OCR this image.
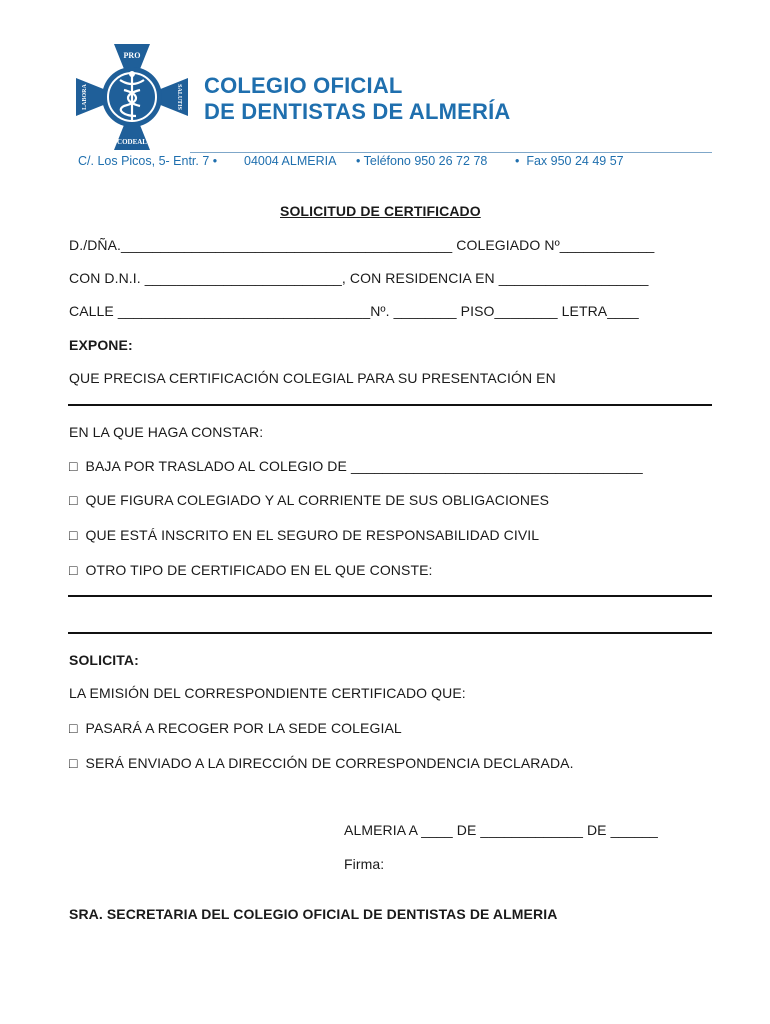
PRO
CODEAL
LABORA	SALUTIS COLEGIO OFICIAL
DE DENTISTAS DE ALMERÍA
C/. Los Picos, 5- Entr. 7 • 04004 ALMERIA • Teléfono 950 26 72 78 •  Fax 950 24 49 57
SOLICITUD DE CERTIFICADO
D./DÑA.__________________________________________ COLEGIADO Nº____________
CON D.N.I. _________________________, CON RESIDENCIA EN ___________________
CALLE ________________________________Nº. ________ PISO________ LETRA____
EXPONE:
QUE PRECISA CERTIFICACIÓN COLEGIAL PARA SU PRESENTACIÓN EN
EN LA QUE HAGA CONSTAR:
□ BAJA POR TRASLADO AL COLEGIO DE _____________________________________
□ QUE FIGURA COLEGIADO Y AL CORRIENTE DE SUS OBLIGACIONES
□ QUE ESTÁ INSCRITO EN EL SEGURO DE RESPONSABILIDAD CIVIL
□ OTRO TIPO DE CERTIFICADO EN EL QUE CONSTE:
SOLICITA:
LA EMISIÓN DEL CORRESPONDIENTE CERTIFICADO QUE:
□ PASARÁ A RECOGER POR LA SEDE COLEGIAL
□ SERÁ ENVIADO A LA DIRECCIÓN DE CORRESPONDENCIA DECLARADA.
ALMERIA A ____ DE _____________ DE ______
Firma:
SRA. SECRETARIA DEL COLEGIO OFICIAL DE DENTISTAS DE ALMERIA
